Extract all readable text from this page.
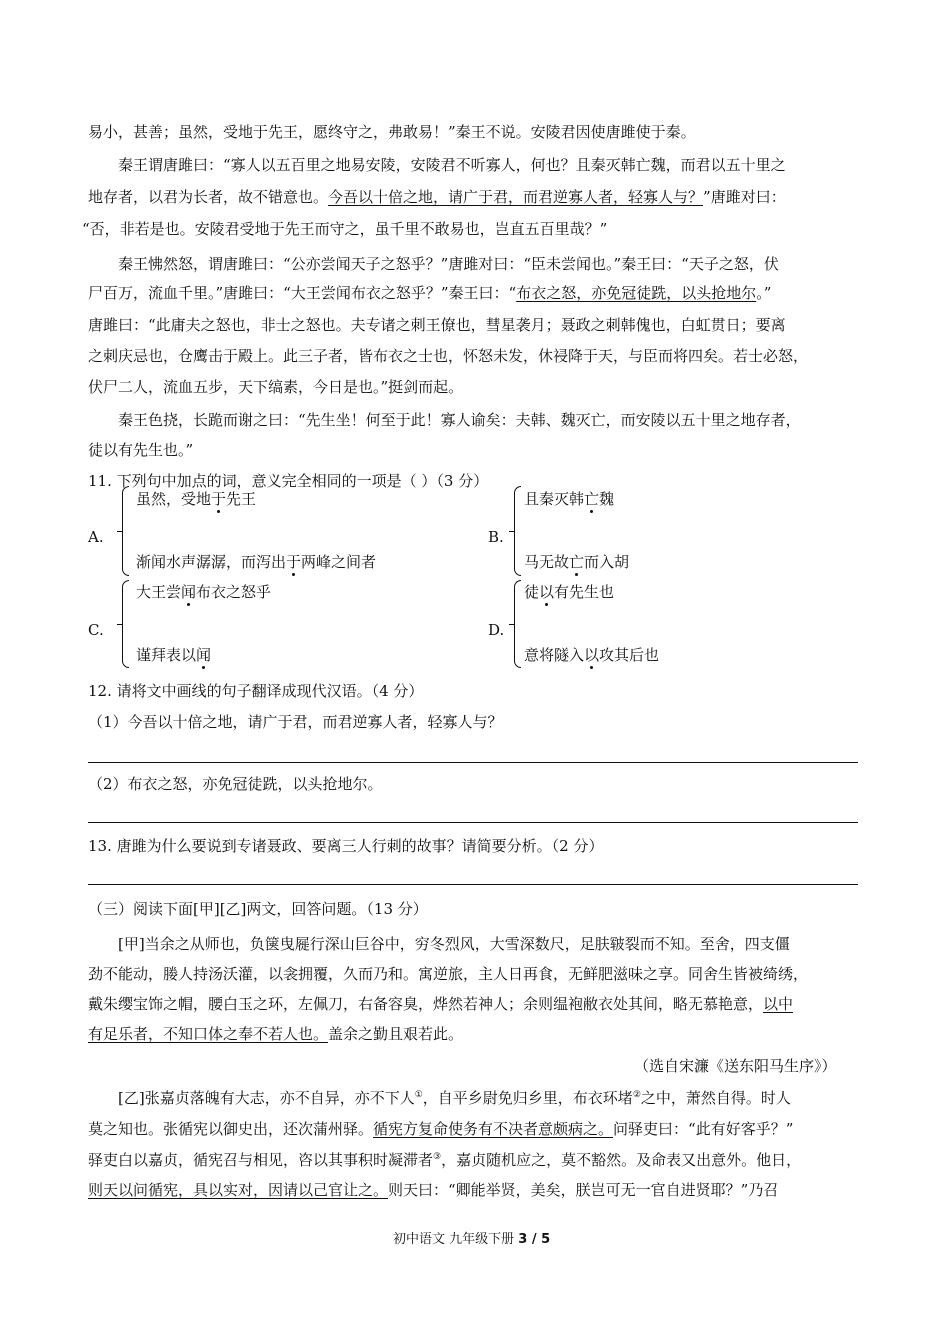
易小，甚善；虽然，受地于先王，愿终守之，弗敢易！”秦王不说。安陵君因使唐雎使于秦。
秦王谓唐雎曰：“寡人以五百里之地易安陵，安陵君不听寡人，何也？且秦灭韩亡魏，而君以五十里之
地存者，以君为长者，故不错意也。今吾以十倍之地，请广于君，而君逆寡人者，轻寡人与？”唐雎对曰：
“否，非若是也。安陵君受地于先王而守之，虽千里不敢易也，岂直五百里哉？”
秦王怫然怒，谓唐雎曰：“公亦尝闻天子之怒乎？”唐雎对曰：“臣未尝闻也。”秦王曰：“天子之怒，伏
尸百万，流血千里。”唐雎曰：“大王尝闻布衣之怒乎？”秦王曰：“布衣之怒，亦免冠徒跣，以头抢地尔。”
唐雎曰：“此庸夫之怒也，非士之怒也。夫专诸之刺王僚也，彗星袭月；聂政之刺韩傀也，白虹贯日；要离
之刺庆忌也，仓鹰击于殿上。此三子者，皆布衣之士也，怀怒未发，休祲降于天，与臣而将四矣。若士必怒，
伏尸二人，流血五步，天下缟素，今日是也。”挺剑而起。
秦王色挠，长跪而谢之曰：“先生坐！何至于此！寡人谕矣：夫韩、魏灭亡，而安陵以五十里之地存者，
徒以有先生也。”
11. 下列句中加点的词，意义完全相同的一项是（ ）（3 分）
A.
虽然，受地于先王
渐闻水声潺潺，而泻出于两峰之间者
B.
且秦灭韩亡魏
马无故亡而入胡
C.
大王尝闻布衣之怒乎
谨拜表以闻
D.
徒以有先生也
意将隧入以攻其后也
12. 请将文中画线的句子翻译成现代汉语。（4 分）
（1）今吾以十倍之地，请广于君，而君逆寡人者，轻寡人与？
（2）布衣之怒，亦免冠徒跣，以头抢地尔。
13. 唐雎为什么要说到专诸聂政、要离三人行刺的故事？请简要分析。（2 分）
（三）阅读下面[甲][乙]两文，回答问题。（13 分）
[甲]当余之从师也，负箧曳屣行深山巨谷中，穷冬烈风，大雪深数尺，足肤皲裂而不知。至舍，四支僵
劲不能动，媵人持汤沃灌，以衾拥覆，久而乃和。寓逆旅，主人日再食，无鲜肥滋味之享。同舍生皆被绮绣，
戴朱缨宝饰之帽，腰白玉之环，左佩刀，右备容臭，烨然若神人；余则缊袍敝衣处其间，略无慕艳意，以中
有足乐者，不知口体之奉不若人也。盖余之勤且艰若此。
（选自宋濂《送东阳马生序》）
[乙]张嘉贞落魄有大志，亦不自异，亦不下人①，自平乡尉免归乡里，布衣环堵②之中，萧然自得。时人
莫之知也。张循宪以御史出，还次蒲州驿。循宪方复命使务有不决者意颇病之。问驿吏曰：“此有好客乎？”
驿吏白以嘉贞，循宪召与相见，咨以其事积时凝滞者③，嘉贞随机应之，莫不豁然。及命表又出意外。他日，
则天以问循宪，具以实对，因请以己官让之。则天曰：“卿能举贤，美矣，朕岂可无一官自进贤耶？”乃召
初中语文 九年级下册 3 / 5
